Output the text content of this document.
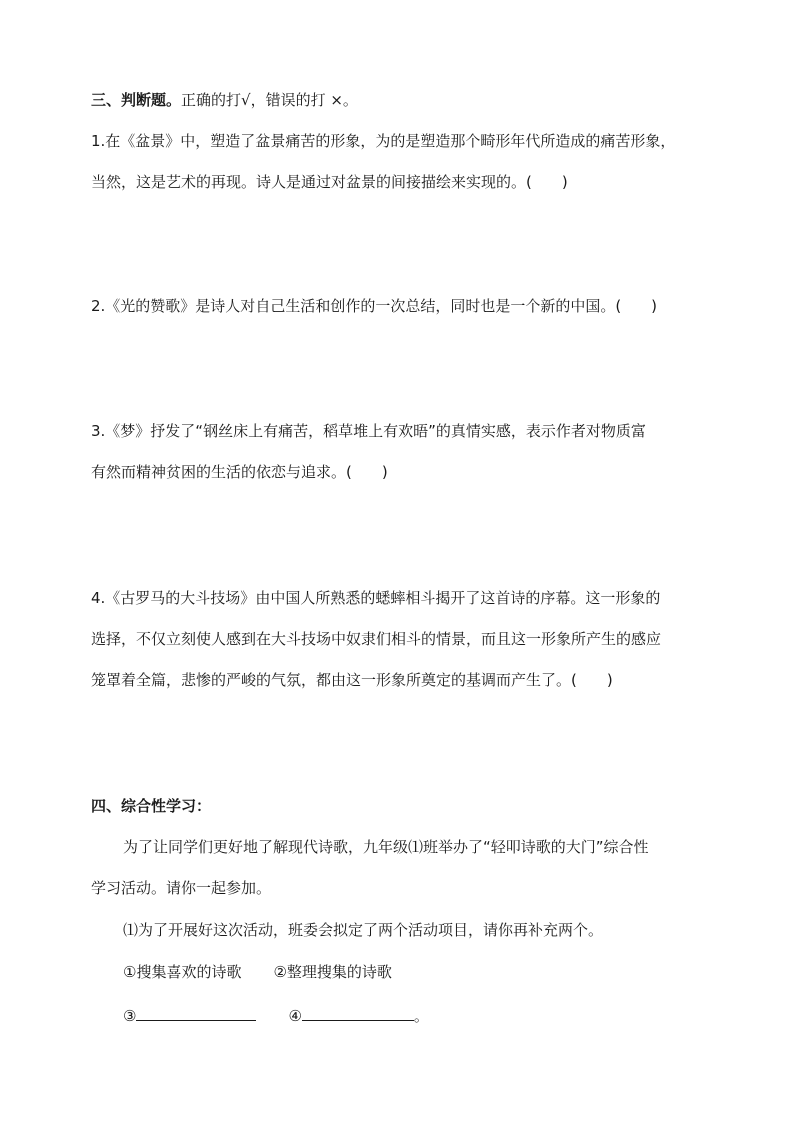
三、判断题。正确的打√，错误的打 ×。
1.在《盆景》中，塑造了盆景痛苦的形象，为的是塑造那个畸形年代所造成的痛苦形象，
当然，这是艺术的再现。诗人是通过对盆景的间接描绘来实现的。(　　)
2.《光的赞歌》是诗人对自己生活和创作的一次总结，同时也是一个新的中国。(　　)
3.《梦》抒发了“钢丝床上有痛苦，稻草堆上有欢晤”的真情实感，表示作者对物质富
有然而精神贫困的生活的依恋与追求。(　　)
4.《古罗马的大斗技场》由中国人所熟悉的蟋蟀相斗揭开了这首诗的序幕。这一形象的
选择，不仅立刻使人感到在大斗技场中奴隶们相斗的情景，而且这一形象所产生的感应
笼罩着全篇，悲惨的严峻的气氛，都由这一形象所奠定的基调而产生了。(　　)
四、综合性学习：
为了让同学们更好地了解现代诗歌，九年级⑴班举办了“轻叩诗歌的大门”综合性
学习活动。请你一起参加。
⑴为了开展好这次活动，班委会拟定了两个活动项目，请你再补充两个。
①搜集喜欢的诗歌 ②整理搜集的诗歌
③	④	。
